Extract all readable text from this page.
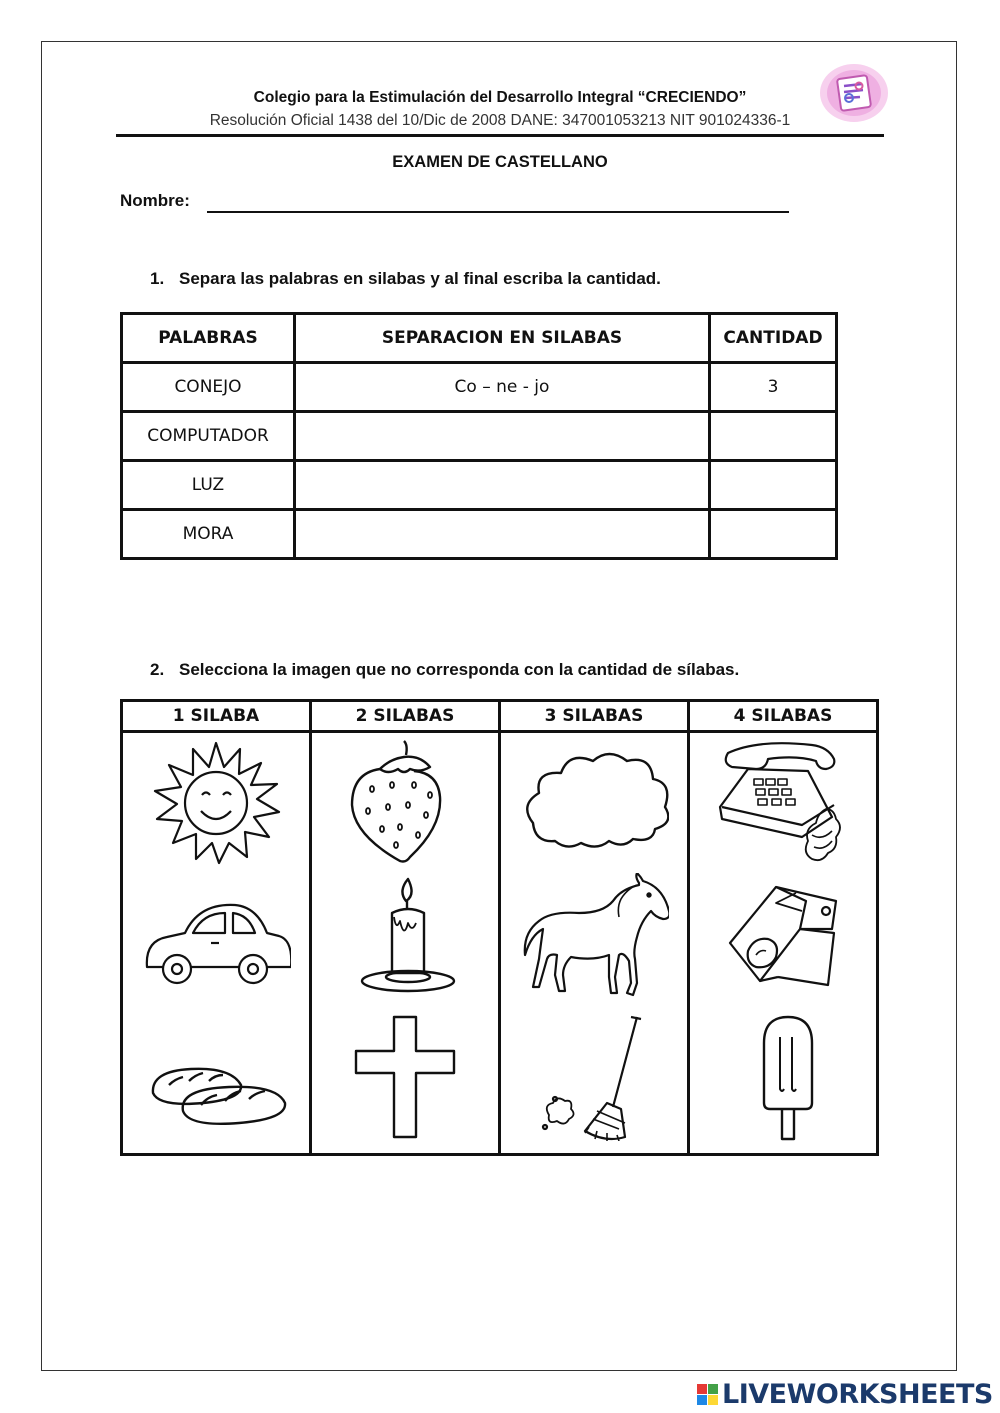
Colegio para la Estimulación del Desarrollo Integral “CRECIENDO”
Resolución Oficial 1438 del 10/Dic de 2008 DANE: 347001053213 NIT 901024336-1
EXAMEN DE CASTELLANO
Nombre:
1. Separa las palabras en silabas y al final escriba la cantidad.
PALABRAS	SEPARACION EN SILABAS	CANTIDAD
CONEJO	Co – ne - jo	3
COMPUTADOR		
LUZ		
MORA		
2. Selecciona la imagen que no corresponda con la cantidad de sílabas.
1 SILABA	2 SILABAS	3 SILABAS	4 SILABAS

LIVEWORKSHEETS
